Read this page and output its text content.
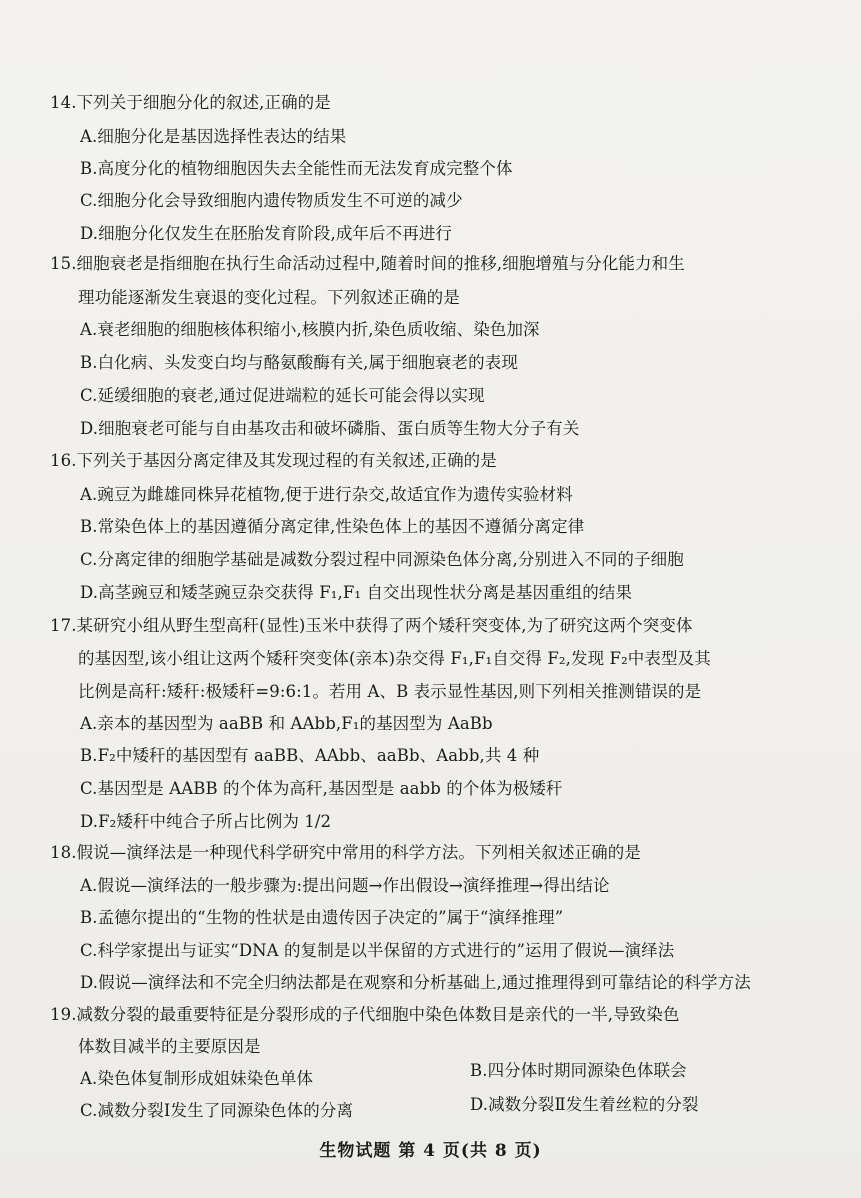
14.下列关于细胞分化的叙述,正确的是
A.细胞分化是基因选择性表达的结果
B.高度分化的植物细胞因失去全能性而无法发育成完整个体
C.细胞分化会导致细胞内遗传物质发生不可逆的减少
D.细胞分化仅发生在胚胎发育阶段,成年后不再进行
15.细胞衰老是指细胞在执行生命活动过程中,随着时间的推移,细胞增殖与分化能力和生
理功能逐渐发生衰退的变化过程。下列叙述正确的是
A.衰老细胞的细胞核体积缩小,核膜内折,染色质收缩、染色加深
B.白化病、头发变白均与酪氨酸酶有关,属于细胞衰老的表现
C.延缓细胞的衰老,通过促进端粒的延长可能会得以实现
D.细胞衰老可能与自由基攻击和破坏磷脂、蛋白质等生物大分子有关
16.下列关于基因分离定律及其发现过程的有关叙述,正确的是
A.豌豆为雌雄同株异花植物,便于进行杂交,故适宜作为遗传实验材料
B.常染色体上的基因遵循分离定律,性染色体上的基因不遵循分离定律
C.分离定律的细胞学基础是减数分裂过程中同源染色体分离,分别进入不同的子细胞
D.高茎豌豆和矮茎豌豆杂交获得 F₁,F₁ 自交出现性状分离是基因重组的结果
17.某研究小组从野生型高秆(显性)玉米中获得了两个矮秆突变体,为了研究这两个突变体
的基因型,该小组让这两个矮秆突变体(亲本)杂交得 F₁,F₁自交得 F₂,发现 F₂中表型及其
比例是高秆:矮秆:极矮秆=9:6:1。若用 A、B 表示显性基因,则下列相关推测错误的是
A.亲本的基因型为 aaBB 和 AAbb,F₁的基因型为 AaBb
B.F₂中矮秆的基因型有 aaBB、AAbb、aaBb、Aabb,共 4 种
C.基因型是 AABB 的个体为高秆,基因型是 aabb 的个体为极矮秆
D.F₂矮秆中纯合子所占比例为 1/2
18.假说—演绎法是一种现代科学研究中常用的科学方法。下列相关叙述正确的是
A.假说—演绎法的一般步骤为:提出问题→作出假设→演绎推理→得出结论
B.孟德尔提出的“生物的性状是由遗传因子决定的”属于“演绎推理”
C.科学家提出与证实“DNA 的复制是以半保留的方式进行的”运用了假说—演绎法
D.假说—演绎法和不完全归纳法都是在观察和分析基础上,通过推理得到可靠结论的科学方法
19.减数分裂的最重要特征是分裂形成的子代细胞中染色体数目是亲代的一半,导致染色
体数目减半的主要原因是
A.染色体复制形成姐妹染色单体	B.四分体时期同源染色体联会
C.减数分裂Ⅰ发生了同源染色体的分离	D.减数分裂Ⅱ发生着丝粒的分裂
生物试题 第 4 页(共 8 页)
